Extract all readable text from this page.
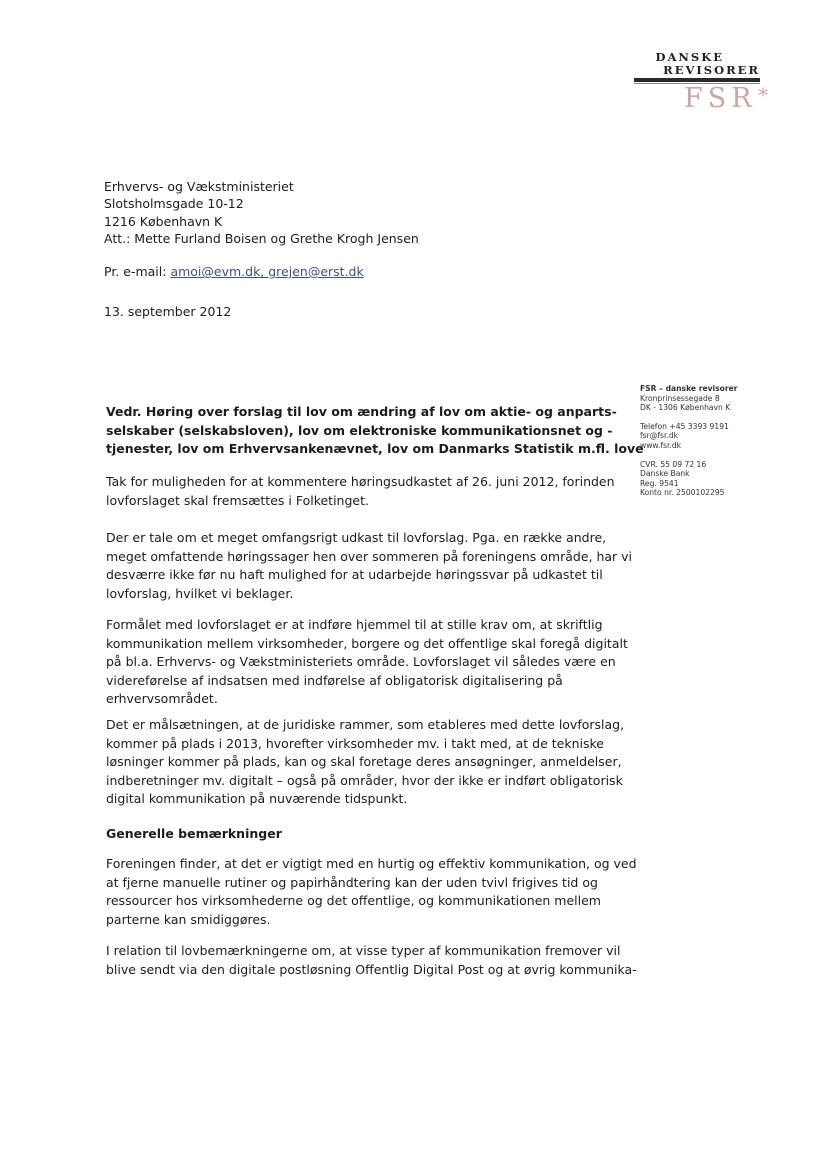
DANSKE
REVISORER
FSR *
Erhvervs- og Vækstministeriet
Slotsholmsgade 10-12
1216 København K
Att.: Mette Furland Boisen og Grethe Krogh Jensen
Pr. e-mail: amoi@evm.dk, grejen@erst.dk
13. september 2012
FSR – danske revisorer
Kronprinsessegade 8
DK - 1306 København K
Telefon +45 3393 9191
fsr@fsr.dk
www.fsr.dk
CVR. 55 09 72 16
Danske Bank
Reg. 9541
Konto nr. 2500102295
Vedr. Høring over forslag til lov om ændring af lov om aktie- og anparts-
selskaber (selskabsloven), lov om elektroniske kommunikationsnet og -
tjenester, lov om Erhvervsankenævnet, lov om Danmarks Statistik m.fl. love
Tak for muligheden for at kommentere høringsudkastet af 26. juni 2012, forinden
lovforslaget skal fremsættes i Folketinget.
Der er tale om et meget omfangsrigt udkast til lovforslag. Pga. en række andre,
meget omfattende høringssager hen over sommeren på foreningens område, har vi
desværre ikke før nu haft mulighed for at udarbejde høringssvar på udkastet til
lovforslag, hvilket vi beklager.
Formålet med lovforslaget er at indføre hjemmel til at stille krav om, at skriftlig
kommunikation mellem virksomheder, borgere og det offentlige skal foregå digitalt
på bl.a. Erhvervs- og Vækstministeriets område. Lovforslaget vil således være en
videreførelse af indsatsen med indførelse af obligatorisk digitalisering på
erhvervsområdet.
Det er målsætningen, at de juridiske rammer, som etableres med dette lovforslag,
kommer på plads i 2013, hvorefter virksomheder mv. i takt med, at de tekniske
løsninger kommer på plads, kan og skal foretage deres ansøgninger, anmeldelser,
indberetninger mv. digitalt – også på områder, hvor der ikke er indført obligatorisk
digital kommunikation på nuværende tidspunkt.
Generelle bemærkninger
Foreningen finder, at det er vigtigt med en hurtig og effektiv kommunikation, og ved
at fjerne manuelle rutiner og papirhåndtering kan der uden tvivl frigives tid og
ressourcer hos virksomhederne og det offentlige, og kommunikationen mellem
parterne kan smidiggøres.
I relation til lovbemærkningerne om, at visse typer af kommunikation fremover vil
blive sendt via den digitale postløsning Offentlig Digital Post og at øvrig kommunika-
